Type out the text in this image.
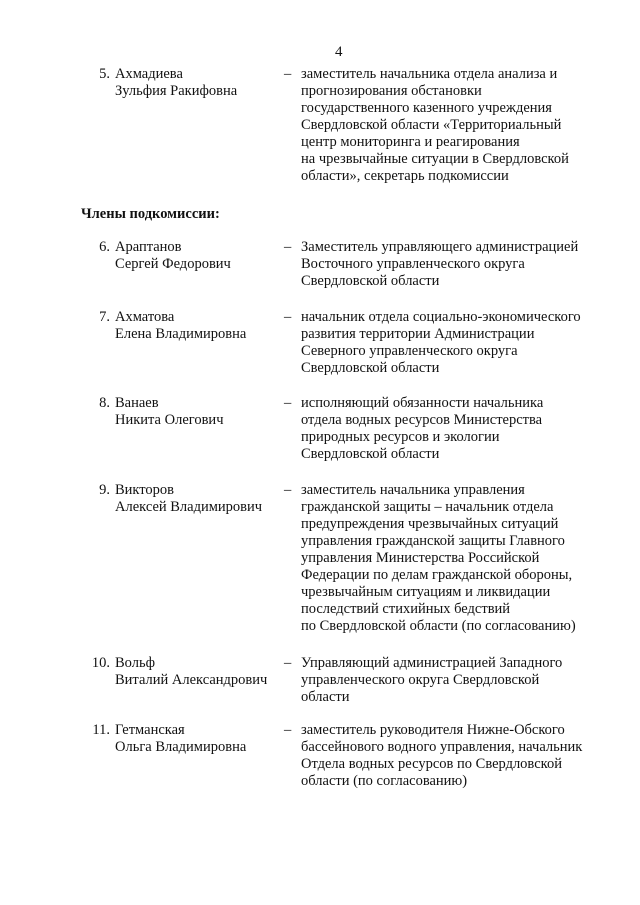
4
5. Ахмадиева
Зульфия Ракифовна
– заместитель начальника отдела анализа и
прогнозирования обстановки
государственного казенного учреждения
Свердловской области «Территориальный
центр мониторинга и реагирования
на чрезвычайные ситуации в Свердловской
области», секретарь подкомиссии
Члены подкомиссии:
6. Араптанов
Сергей Федорович
– Заместитель управляющего администрацией
Восточного управленческого округа
Свердловской области
7. Ахматова
Елена Владимировна
– начальник отдела социально-экономического
развития территории Администрации
Северного управленческого округа
Свердловской области
8. Ванаев
Никита Олегович
– исполняющий обязанности начальника
отдела водных ресурсов Министерства
природных ресурсов и экологии
Свердловской области
9. Викторов
Алексей Владимирович
– заместитель начальника управления
гражданской защиты – начальник отдела
предупреждения чрезвычайных ситуаций
управления гражданской защиты Главного
управления Министерства Российской
Федерации по делам гражданской обороны,
чрезвычайным ситуациям и ликвидации
последствий стихийных бедствий
по Свердловской области (по согласованию)
10. Вольф
Виталий Александрович
– Управляющий администрацией Западного
управленческого округа Свердловской
области
11. Гетманская
Ольга Владимировна
– заместитель руководителя Нижне-Обского
бассейнового водного управления, начальник
Отдела водных ресурсов по Свердловской
области (по согласованию)
